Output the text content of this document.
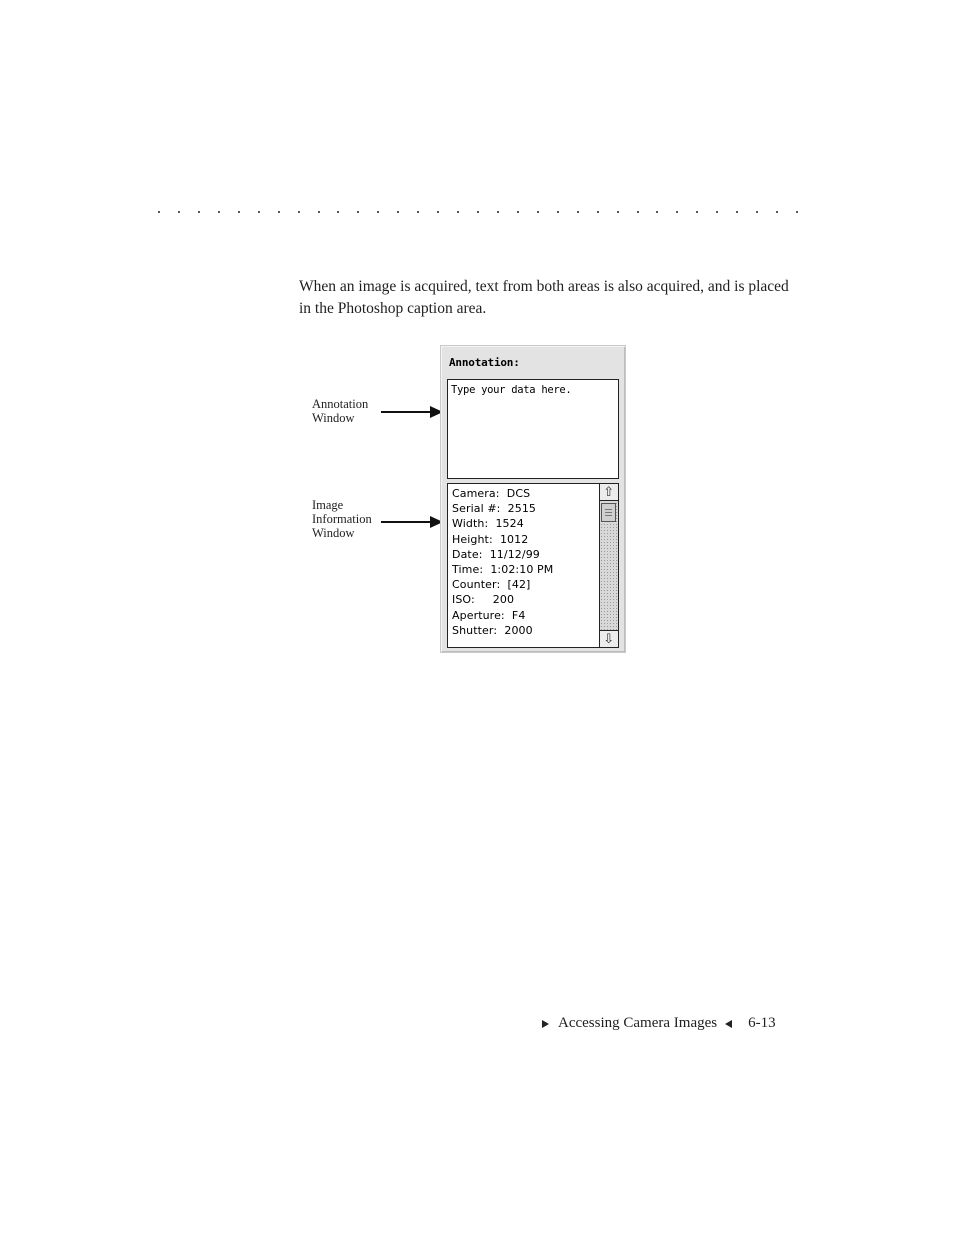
When an image is acquired, text from both areas is also acquired, and is placed in the Photoshop caption area.

Annotation
Window
Image
Information
Window
Annotation:
Type your data here.
Camera:  DCS
Serial #:  2515
Width:  1524
Height:  1012
Date:  11/12/99
Time:  1:02:10 PM
Counter:  [42]
ISO:     200
Aperture:  F4
Shutter:  2000
⇧
⇩
Accessing Camera Images 6-13
